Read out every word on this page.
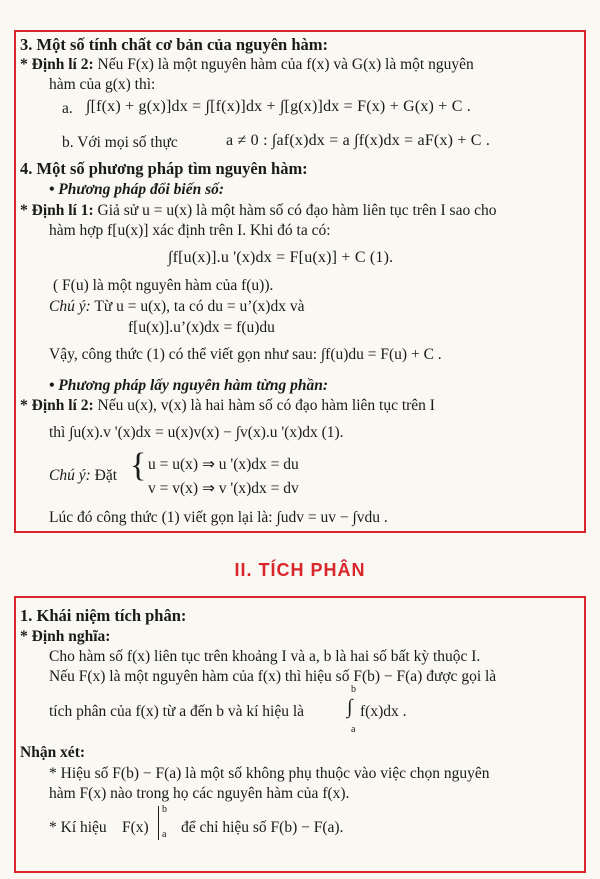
3. Một số tính chất cơ bản của nguyên hàm:
* Định lí 2: Nếu F(x) là một nguyên hàm của f(x) và G(x) là một nguyên
hàm của g(x) thì:
a. ∫[f(x) + g(x)]dx = ∫[f(x)]dx + ∫[g(x)]dx = F(x) + G(x) + C .
b. Với mọi số thực	a ≠ 0 : ∫af(x)dx = a ∫f(x)dx = aF(x) + C .
4. Một số phương pháp tìm nguyên hàm:
• Phương pháp đổi biến số:
* Định lí 1: Giả sử u = u(x) là một hàm số có đạo hàm liên tục trên I sao cho
hàm hợp f[u(x)] xác định trên I. Khi đó ta có:
∫f[u(x)].u '(x)dx = F[u(x)] + C (1).
( F(u) là một nguyên hàm của f(u)).
Chú ý: Từ u = u(x), ta có du = u’(x)dx và
f[u(x)].u’(x)dx = f(u)du
Vậy, công thức (1) có thể viết gọn như sau: ∫f(u)du = F(u) + C .
• Phương pháp lấy nguyên hàm từng phần:
* Định lí 2: Nếu u(x), v(x) là hai hàm số có đạo hàm liên tục trên I
thì ∫u(x).v '(x)dx = u(x)v(x) − ∫v(x).u '(x)dx (1).
Chú ý: Đặt { u = u(x) ⇒ u '(x)dx = du
v = v(x) ⇒ v '(x)dx = dv
Lúc đó công thức (1) viết gọn lại là: ∫udv = uv − ∫vdu .
II. TÍCH PHÂN
1. Khái niệm tích phân:
* Định nghĩa:
Cho hàm số f(x) liên tục trên khoảng I và a, b là hai số bất kỳ thuộc I.
Nếu F(x) là một nguyên hàm của f(x) thì hiệu số F(b) − F(a) được gọi là
tích phân của f(x) từ a đến b và kí hiệu là
b
∫
a
f(x)dx .
Nhận xét:
* Hiệu số F(b) − F(a) là một số không phụ thuộc vào việc chọn nguyên
hàm F(x) nào trong họ các nguyên hàm của f(x).
* Kí hiệu F(x)
b
a để chỉ hiệu số F(b) − F(a).
